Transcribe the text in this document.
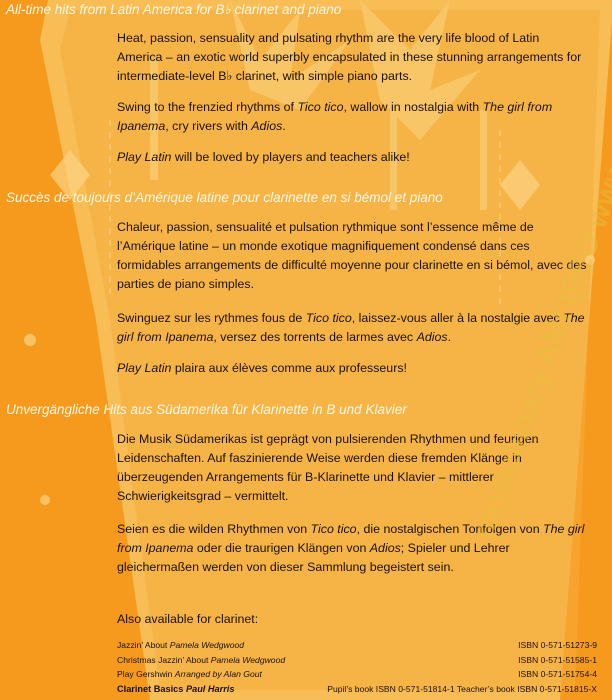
All-time hits from Latin America for B♭ clarinet and piano

Heat, passion, sensuality and pulsating rhythm are the very life blood of Latin America – an exotic world superbly encapsulated in these stunning arrangements for intermediate-level B♭ clarinet, with simple piano parts.

Swing to the frenzied rhythms of Tico tico, wallow in nostalgia with The girl from Ipanema, cry rivers with Adios.

Play Latin will be loved by players and teachers alike!

Succès de toujours d’Amérique latine pour clarinette en si bémol et piano

Chaleur, passion, sensualité et pulsation rythmique sont l’essence même de l’Amérique latine – un monde exotique magnifiquement condensé dans ces formidables arrangements de difficulté moyenne pour clarinette en si bémol, avec des parties de piano simples.

Swinguez sur les rythmes fous de Tico tico, laissez-vous aller à la nostalgie avec The girl from Ipanema, versez des torrents de larmes avec Adios.

Play Latin plaira aux élèves comme aux professeurs!

Unvergängliche Hits aus Südamerika für Klarinette in B und Klavier

Die Musik Südamerikas ist geprägt von pulsierenden Rhythmen und feurigen Leidenschaften. Auf faszinierende Weise werden diese fremden Klänge in überzeugenden Arrangements für B-Klarinette und Klavier – mittlerer Schwierigkeitsgrad – vermittelt.

Seien es die wilden Rhythmen von Tico tico, die nostalgischen Tonfolgen von The girl from Ipanema oder die traurigen Klängen von Adios; Spieler und Lehrer gleichermaßen werden von dieser Sammlung begeistert sein.

Also available for clarinet:

Jazzin’ About Pamela Wedgwood	ISBN 0-571-51273-9
Christmas Jazzin’ About Pamela Wedgwood	ISBN 0-571-51585-1
Play Gershwin Arranged by Alan Gout	ISBN 0-571-51754-4
Clarinet Basics Paul Harris	Pupil’s book ISBN 0-571-51814-1 Teacher’s book ISBN 0-571-51815-X
musicbinary AMFIREO
